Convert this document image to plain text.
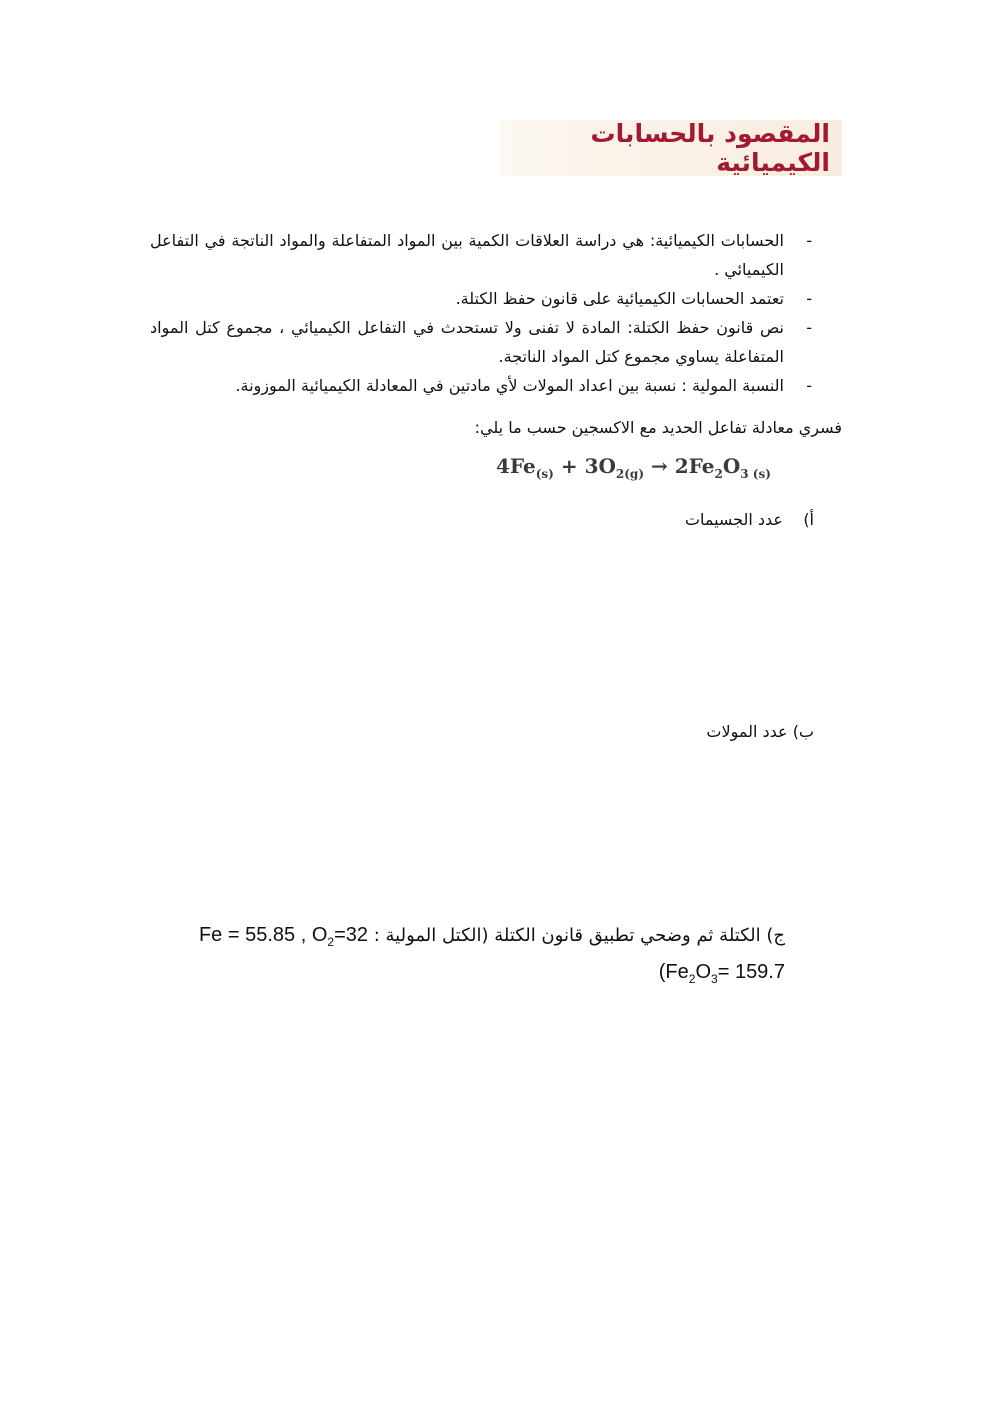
المقصود بالحسابات الكيميائية
-
الحسابات الكيميائية: هي دراسة العلاقات الكمية بين المواد المتفاعلة والمواد الناتجة في التفاعل الكيميائي .
-
تعتمد الحسابات الكيميائية على قانون حفظ الكتلة.
-
نص قانون حفظ الكتلة: المادة لا تفنى ولا تستحدث في التفاعل الكيميائي ، مجموع كتل المواد المتفاعلة يساوي مجموع كتل المواد الناتجة.
-
النسبة المولية : نسبة بين اعداد المولات لأي مادتين في المعادلة الكيميائية الموزونة.
فسري معادلة تفاعل الحديد مع الاكسجين حسب ما يلي:
$4Fe_{(s)} + 3O_{2(g)} \to 2Fe_2O_{3 (s)}$
أ)    عدد الجسيمات
ب) عدد المولات
ج) الكتلة ثم وضحي تطبيق قانون الكتلة (الكتل المولية : Fe = 55.85 , $O_2=32$
($Fe_2O_3= 159.7$
